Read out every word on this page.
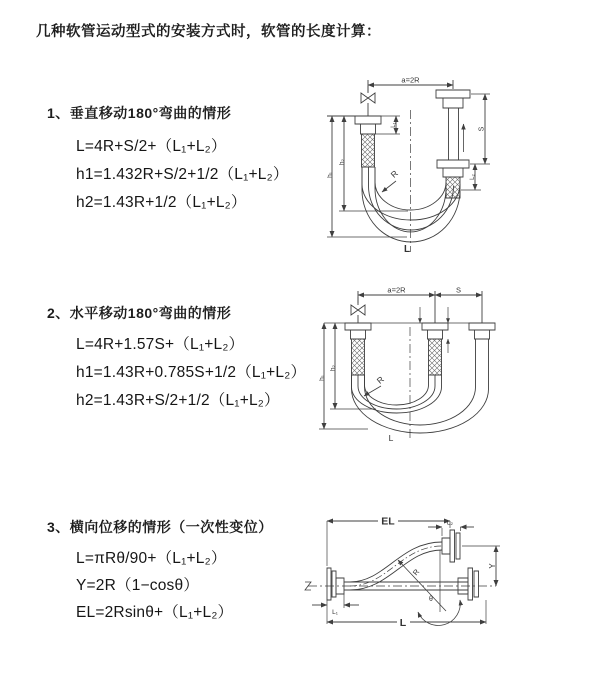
几种软管运动型式的安装方式时，软管的长度计算：
1、垂直移动180°弯曲的情形
L=4R+S/2+（L₁+L₂）
h1=1.432R+S/2+1/2（L₁+L₂）
h2=1.43R+1/2（L₁+L₂）
a=2R
S
L₂
L₁
h₂
h₁	R
L
2、水平移动180°弯曲的情形
L=4R+1.57S+（L₁+L₂）
h1=1.43R+0.785S+1/2（L₁+L₂）
h2=1.43R+S/2+1/2（L₁+L₂）
a=2R	S
h₂
h₁	R
L
3、横向位移的情形（一次性变位）
L=πRθ/90+（L₁+L₂）
Y=2R（1−cosθ）
EL=2Rsinθ+（L₁+L₂）
EL	L₂
Y
R
θ
L₁
L
